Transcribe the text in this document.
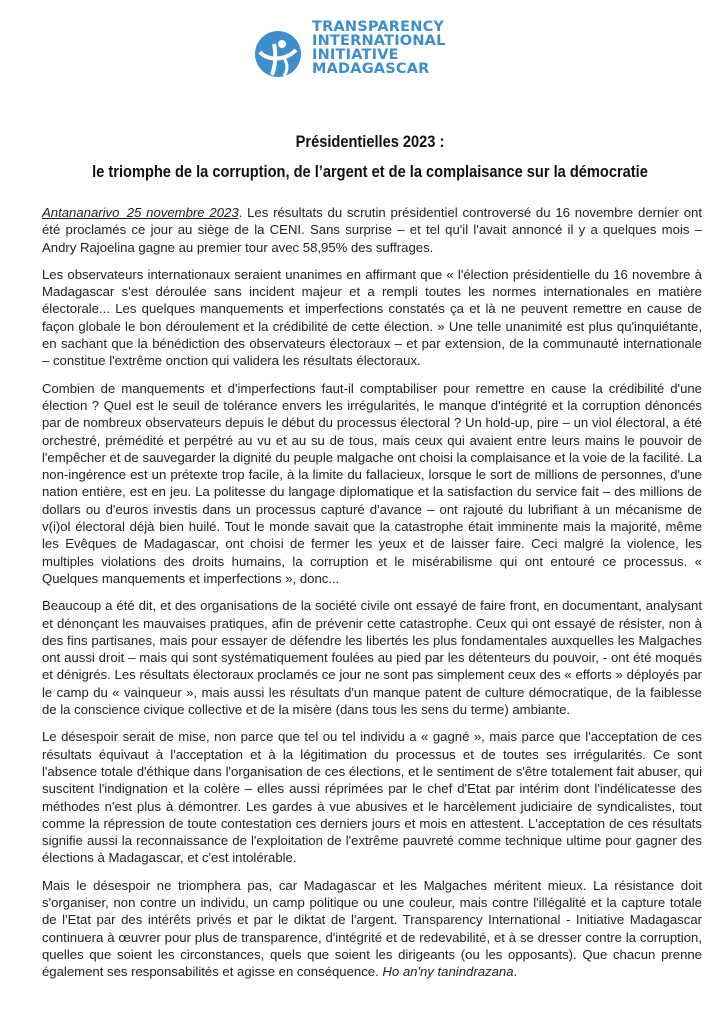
TRANSPARENCY
INTERNATIONAL
INITIATIVE
MADAGASCAR
Présidentielles 2023 :
le triomphe de la corruption, de l’argent et de la complaisance sur la démocratie

Antananarivo_25 novembre 2023. Les résultats du scrutin présidentiel controversé du 16 novembre dernier ont été proclamés ce jour au siège de la CENI. Sans surprise – et tel qu'il l'avait annoncé il y a quelques mois – Andry Rajoelina gagne au premier tour avec 58,95% des suffrages.

Les observateurs internationaux seraient unanimes en affirmant que « l'élection présidentielle du 16 novembre à Madagascar s'est déroulée sans incident majeur et a rempli toutes les normes internationales en matière électorale... Les quelques manquements et imperfections constatés ça et là ne peuvent remettre en cause de façon globale le bon déroulement et la crédibilité de cette élection. » Une telle unanimité est plus qu'inquiétante, en sachant que la bénédiction des observateurs électoraux – et par extension, de la communauté internationale – constitue l'extrême onction qui validera les résultats électoraux.

Combien de manquements et d'imperfections faut-il comptabiliser pour remettre en cause la crédibilité d'une élection ? Quel est le seuil de tolérance envers les irrégularités, le manque d'intégrité et la corruption dénoncés par de nombreux observateurs depuis le début du processus électoral ? Un hold-up, pire – un viol électoral, a été orchestré, prémédité et perpétré au vu et au su de tous, mais ceux qui avaient entre leurs mains le pouvoir de l'empêcher et de sauvegarder la dignité du peuple malgache ont choisi la complaisance et la voie de la facilité. La non-ingérence est un prétexte trop facile, à la limite du fallacieux, lorsque le sort de millions de personnes, d'une nation entière, est en jeu. La politesse du langage diplomatique et la satisfaction du service fait – des millions de dollars ou d'euros investis dans un processus capturé d'avance – ont rajouté du lubrifiant à un mécanisme de v(i)ol électoral déjà bien huilé. Tout le monde savait que la catastrophe était imminente mais la majorité, même les Evêques de Madagascar, ont choisi de fermer les yeux et de laisser faire. Ceci malgré la violence, les multiples violations des droits humains, la corruption et le misérabilisme qui ont entouré ce processus. « Quelques manquements et imperfections », donc...

Beaucoup a été dit, et des organisations de la société civile ont essayé de faire front, en documentant, analysant et dénonçant les mauvaises pratiques, afin de prévenir cette catastrophe. Ceux qui ont essayé de résister, non à des fins partisanes, mais pour essayer de défendre les libertés les plus fondamentales auxquelles les Malgaches ont aussi droit – mais qui sont systématiquement foulées au pied par les détenteurs du pouvoir, - ont été moqués et dénigrés. Les résultats électoraux proclamés ce jour ne sont pas simplement ceux des « efforts » déployés par le camp du « vainqueur », mais aussi les résultats d'un manque patent de culture démocratique, de la faiblesse de la conscience civique collective et de la misère (dans tous les sens du terme) ambiante.

Le désespoir serait de mise, non parce que tel ou tel individu a « gagné », mais parce que l'acceptation de ces résultats équivaut à l'acceptation et à la légitimation du processus et de toutes ses irrégularités. Ce sont l'absence totale d'éthique dans l'organisation de ces élections, et le sentiment de s'être totalement fait abuser, qui suscitent l'indignation et la colère – elles aussi réprimées par le chef d'Etat par intérim dont l'indélicatesse des méthodes n'est plus à démontrer. Les gardes à vue abusives et le harcèlement judiciaire de syndicalistes, tout comme la répression de toute contestation ces derniers jours et mois en attestent. L'acceptation de ces résultats signifie aussi la reconnaissance de l'exploitation de l'extrême pauvreté comme technique ultime pour gagner des élections à Madagascar, et c'est intolérable.

Mais le désespoir ne triomphera pas, car Madagascar et les Malgaches méritent mieux. La résistance doit s'organiser, non contre un individu, un camp politique ou une couleur, mais contre l'illégalité et la capture totale de l'Etat par des intérêts privés et par le diktat de l'argent. Transparency International - Initiative Madagascar continuera à œuvrer pour plus de transparence, d'intégrité et de redevabilité, et à se dresser contre la corruption, quelles que soient les circonstances, quels que soient les dirigeants (ou les opposants). Que chacun prenne également ses responsabilités et agisse en conséquence. Ho an'ny tanindrazana.
